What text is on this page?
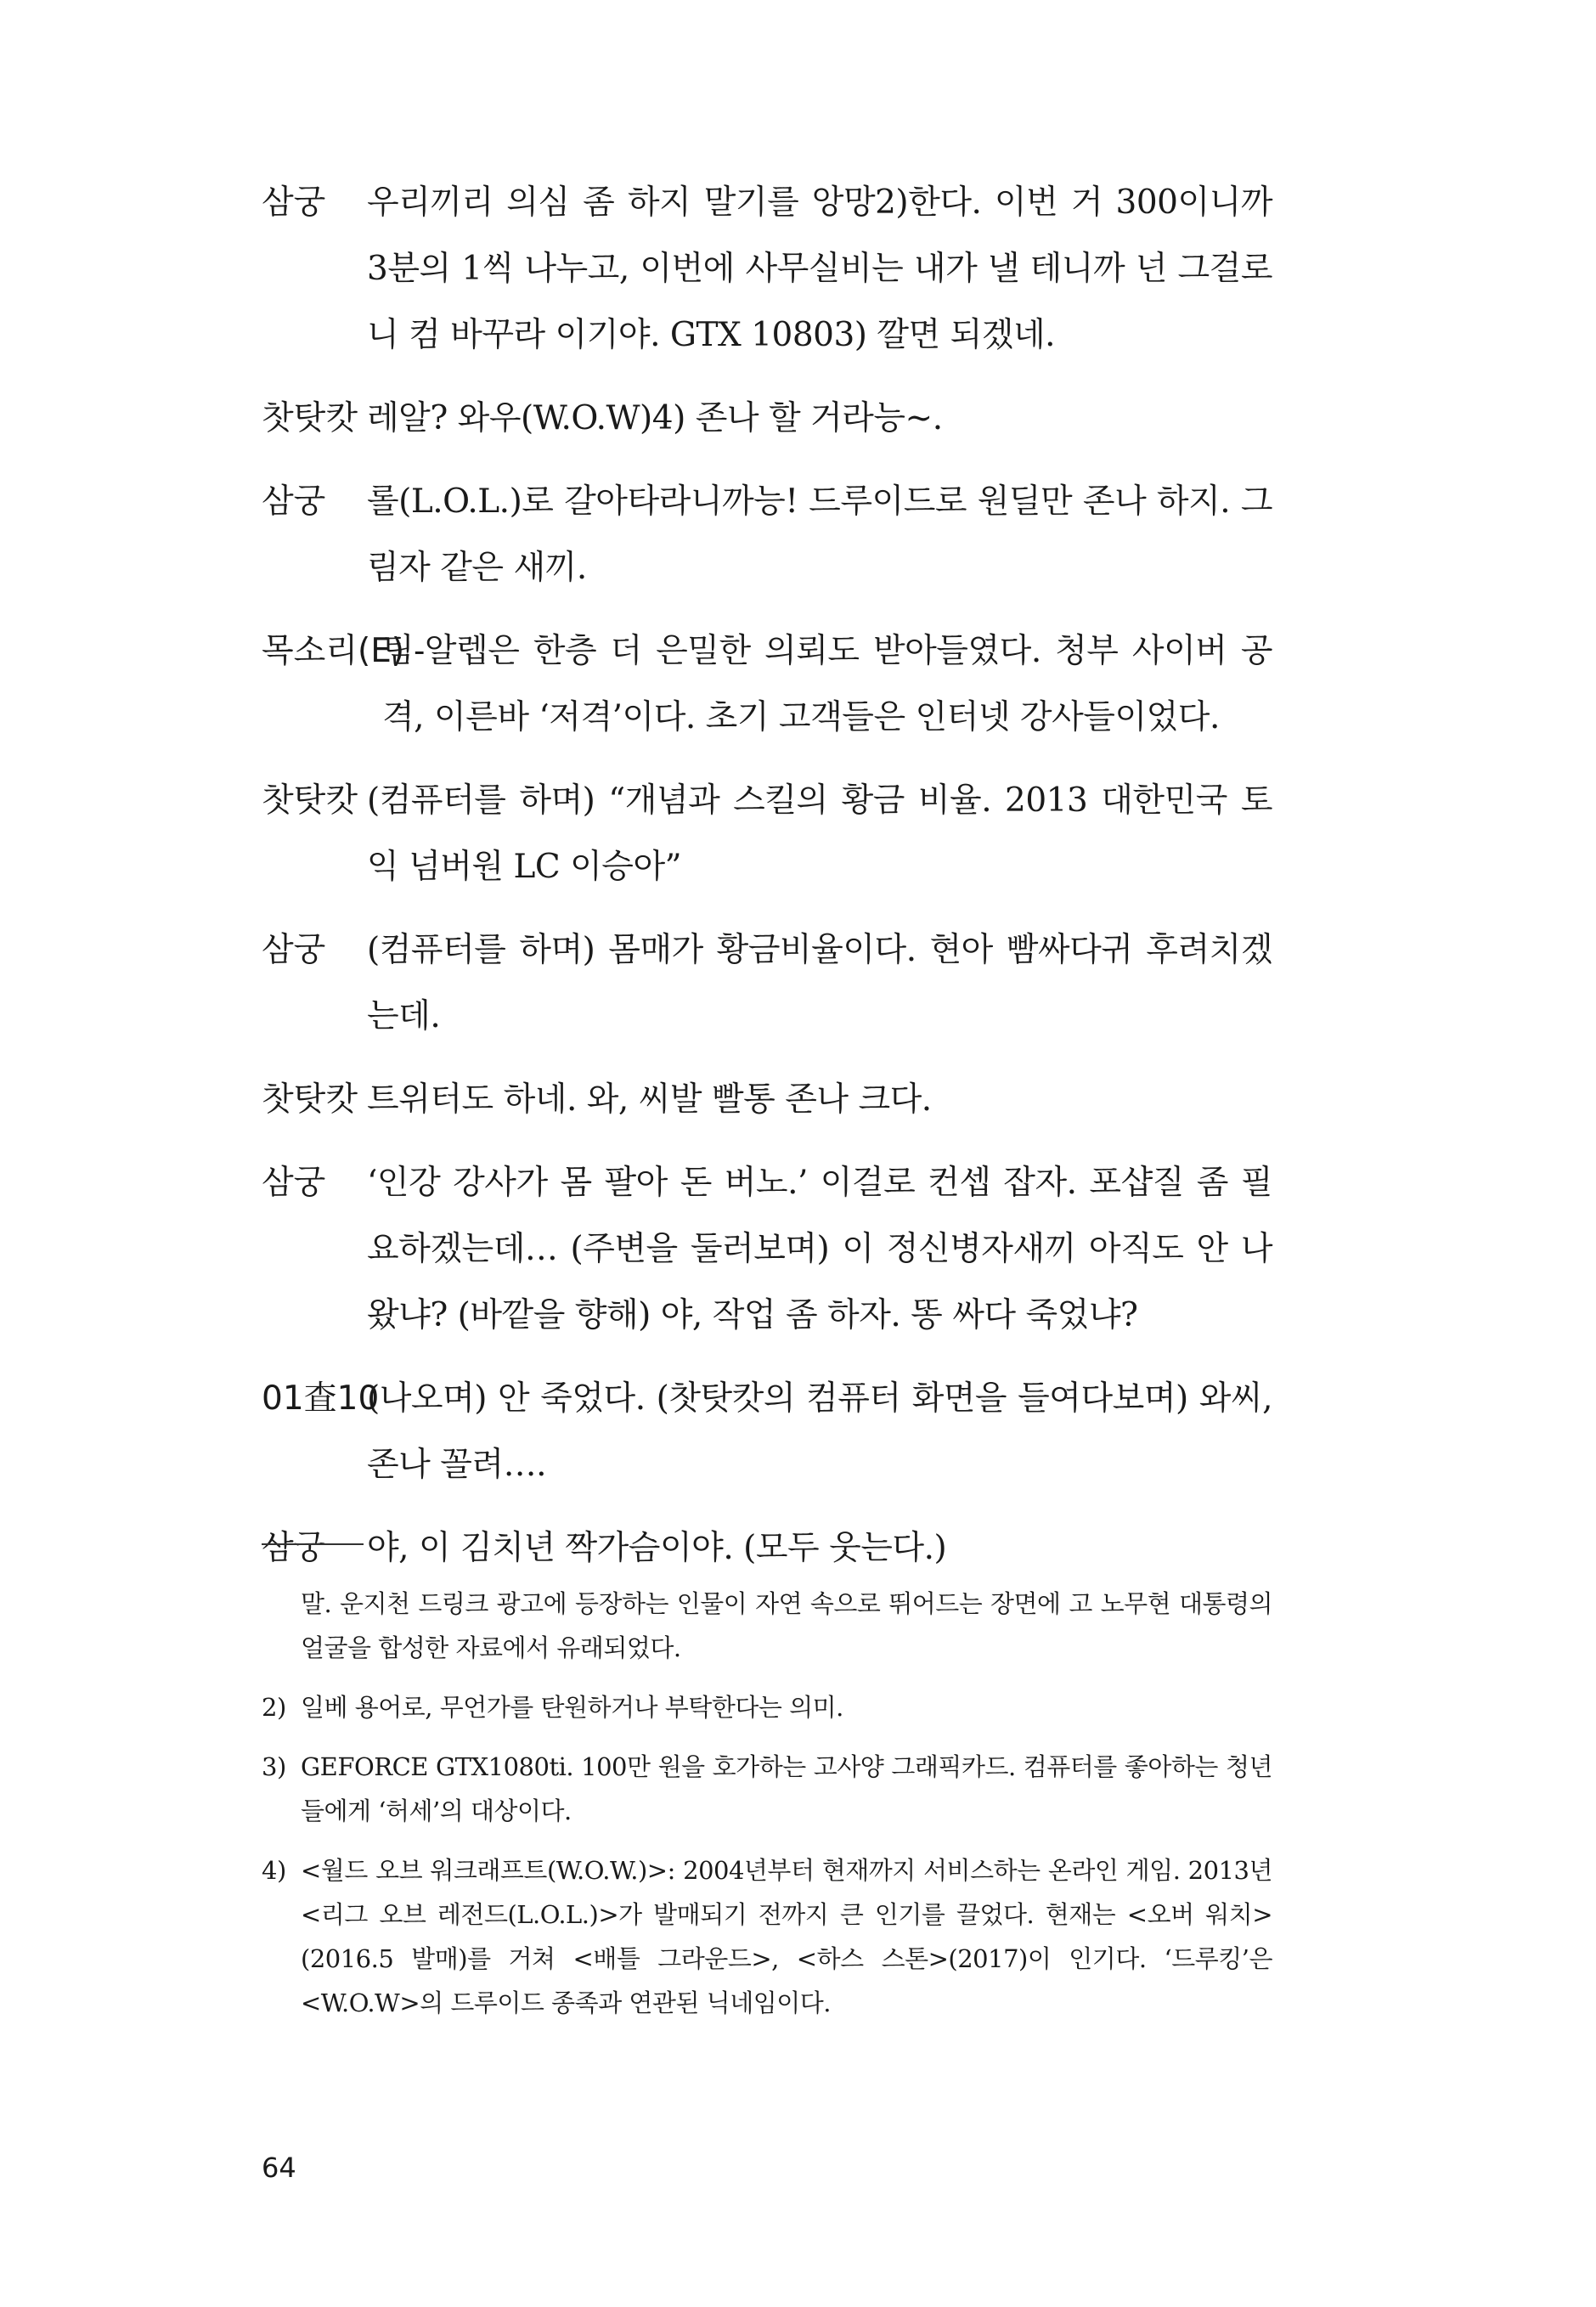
삼궁 우리끼리 의심 좀 하지 말기를 앙망2)한다. 이번 거 300이니까 3분의 1씩 나누고, 이번에 사무실비는 내가 낼 테니까 넌 그걸로 니 컴 바꾸라 이기야. GTX 10803) 깔면 되겠네.
찻탓캇 레알? 와우(W.O.W)4) 존나 할 거라능~.
삼궁 롤(L.O.L.)로 갈아타라니까능! 드루이드로 원딜만 존나 하지. 그림자 같은 새끼.
목소리(E)
팀-알렙은 한층 더 은밀한 의뢰도 받아들였다. 청부 사이버 공격, 이른바 ‘저격’이다. 초기 고객들은 인터넷 강사들이었다.
찻탓캇 (컴퓨터를 하며) “개념과 스킬의 황금 비율. 2013 대한민국 토익 넘버원 LC 이승아”
삼궁 (컴퓨터를 하며) 몸매가 황금비율이다. 현아 빰싸다귀 후려치겠는데.
찻탓캇 트위터도 하네. 와, 씨발 빨통 존나 크다.
삼궁 ‘인강 강사가 몸 팔아 돈 버노.’ 이걸로 컨셉 잡자. 포샵질 좀 필요하겠는데… (주변을 둘러보며) 이 정신병자새끼 아직도 안 나왔냐? (바깥을 향해) 야, 작업 좀 하자. 똥 싸다 죽었냐?
01査10
(나오며) 안 죽었다. (찻탓캇의 컴퓨터 화면을 들여다보며) 와씨, 존나 꼴려….
삼궁 야, 이 김치년 짝가슴이야. (모두 웃는다.)
말. 운지천 드링크 광고에 등장하는 인물이 자연 속으로 뛰어드는 장면에 고 노무현 대통령의 얼굴을 합성한 자료에서 유래되었다.
2) 일베 용어로, 무언가를 탄원하거나 부탁한다는 의미.
3) GEFORCE GTX1080ti. 100만 원을 호가하는 고사양 그래픽카드. 컴퓨터를 좋아하는 청년들에게 ‘허세’의 대상이다.
4) <월드 오브 워크래프트(W.O.W.)>: 2004년부터 현재까지 서비스하는 온라인 게임. 2013년 <리그 오브 레전드(L.O.L.)>가 발매되기 전까지 큰 인기를 끌었다. 현재는 <오버 워치>(2016.5 발매)를 거쳐 <배틀 그라운드>, <하스 스톤>(2017)이 인기다. ‘드루킹’은 <W.O.W>의 드루이드 종족과 연관된 닉네임이다.
64
